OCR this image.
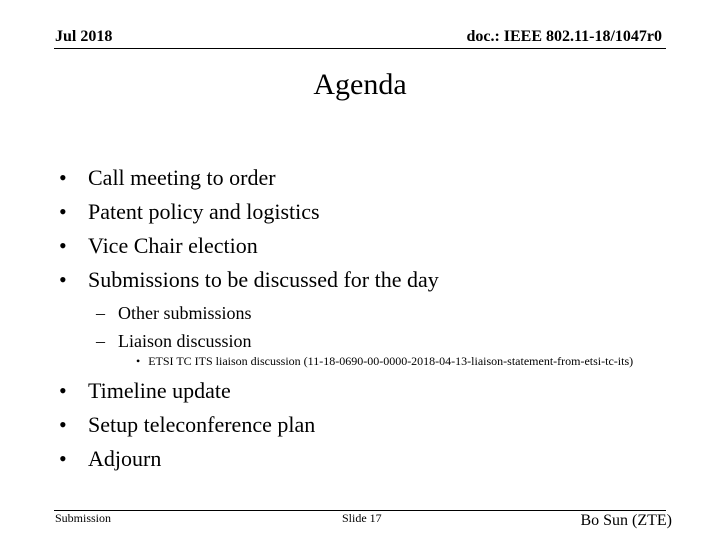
Jul 2018	doc.: IEEE 802.11-18/1047r0
Agenda
• Call meeting to order
• Patent policy and logistics
• Vice Chair election
• Submissions to be discussed for the day
– Other submissions
– Liaison discussion
• ETSI TC ITS liaison discussion (11-18-0690-00-0000-2018-04-13-liaison-statement-from-etsi-tc-its)
• Timeline update
• Setup teleconference plan
• Adjourn
Submission	Slide 17	Bo Sun (ZTE)
